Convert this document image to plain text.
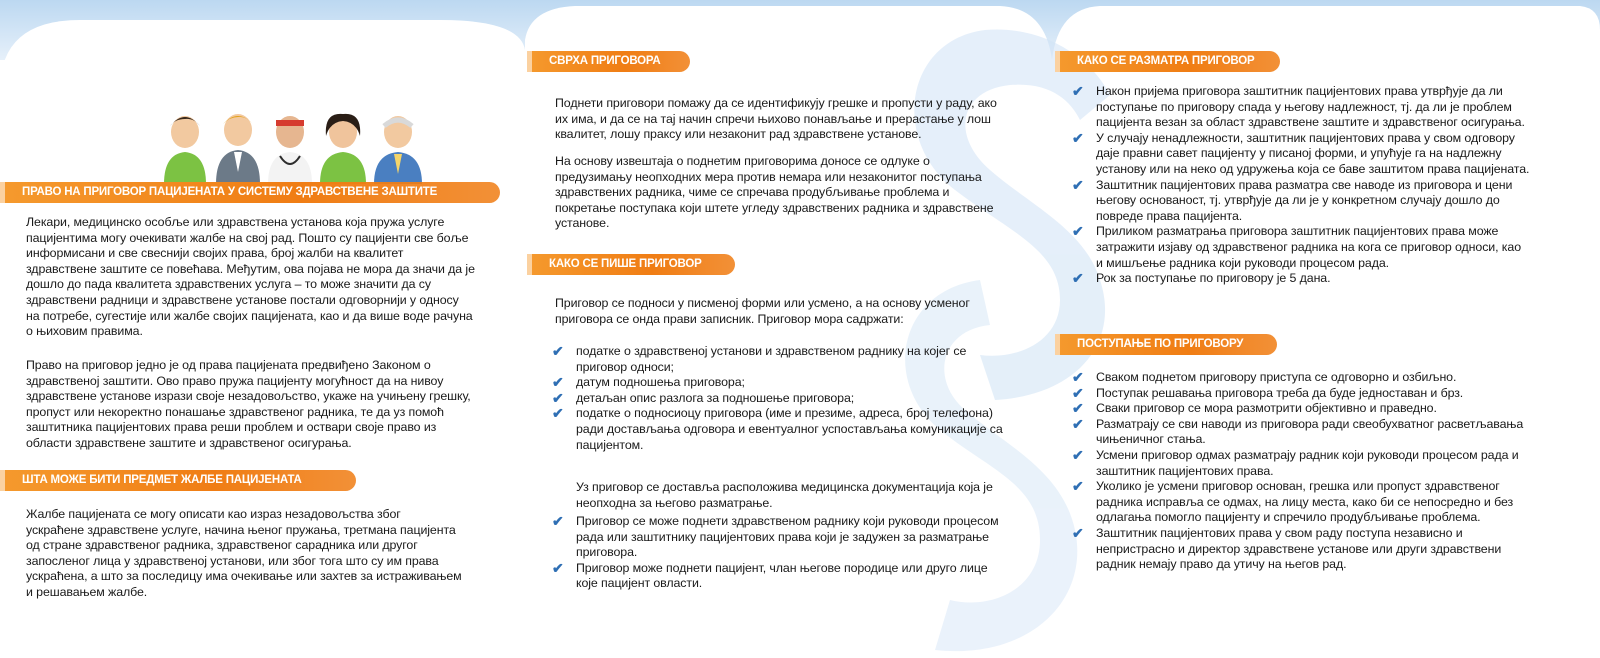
ПРАВО НА ПРИГОВОР ПАЦИЈЕНАТА У СИСТЕМУ ЗДРАВСТВЕНЕ ЗАШТИТЕ
Лекари, медицинско особље или здравствена установа која пружа услуге
пацијентима могу очекивати жалбе на свој рад. Пошто су пацијенти све боље
информисани и све свеснији својих права, број жалби на квалитет
здравствене заштите се повећава. Међутим, ова појава не мора да значи да је
дошло до пада квалитета здравствених услуга – то може значити да су
здравствени радници и здравствене установе постали одговорнији у односу
на потребе, сугестије или жалбе својих пацијената, као и да више воде рачуна
о њиховим правима.
Право на приговор једно је од права пацијената предвиђено Законом о
здравственој заштити. Ово право пружа пацијенту могућност да на нивоу
здравствене установе изрази своје незадовољство, укаже на учињену грешку,
пропуст или некоректно понашање здравственог радника, те да уз помоћ
заштитника пацијентових права реши проблем и оствари своје право из
области здравствене заштите и здравственог осигурања.
ШТА МОЖЕ БИТИ ПРЕДМЕТ ЖАЛБЕ ПАЦИЈЕНАТА
Жалбе пацијената се могу описати као израз незадовољства због
ускраћене здравствене услуге, начина њеног пружања, третмана пацијента
од стране здравственог радника, здравственог сарадника или другог
запосленог лица у здравственој установи, или због тога што су им права
ускраћена, а што за последицу има очекивање или захтев за истраживањем
и решавањем жалбе.
СВРХА ПРИГОВОРА
Поднети приговори помажу да се идентификују грешке и пропусти у раду, ако
их има, и да се на тај начин спречи њихово понављање и прерастање у лош
квалитет, лошу праксу или незаконит рад здравствене установе.
На основу извештаја о поднетим приговорима доносе се одлуке о
предузимању неопходних мера против немара или незаконитог поступања
здравствених радника, чиме се спречава продубљивање проблема и
покретање поступака који штете угледу здравствених радника и здравствене
установе.
КАКО СЕ ПИШЕ ПРИГОВОР
Приговор се подноси у писменој форми или усмено, а на основу усменог
приговора се онда прави записник. Приговор мора садржати:
✔ податке о здравственој установи и здравственом раднику на којег се
приговор односи;
✔ датум подношења приговора;
✔ детаљан опис разлога за подношење приговора;
✔ податке о подносиоцу приговора (име и презиме, адреса, број телефона)
ради достављања одговора и евентуалног успостављања комуникације са
пацијентом.
Уз приговор се доставља расположива медицинска документација која је
неопходна за његово разматрање.
✔ Приговор се може поднети здравственом раднику који руководи процесом
рада или заштитнику пацијентових права који је задужен за разматрање
приговора.
✔ Приговор може поднети пацијент, члан његове породице или друго лице
које пацијент овласти.
КАКО СЕ РАЗМАТРА ПРИГОВОР
✔ Након пријема приговора заштитник пацијентових права утврђује да ли
поступање по приговору спада у његову надлежност, тј. да ли је проблем
пацијента везан за област здравствене заштите и здравственог осигурања.
✔ У случају ненадлежности, заштитник пацијентових права у свом одговору
даје правни савет пацијенту у писаној форми, и упућује га на надлежну
установу или на неко од удружења која се баве заштитом права пацијената.
✔ Заштитник пацијентових права разматра све наводе из приговора и цени
његову основаност, тј. утврђује да ли је у конкретном случају дошло до
повреде права пацијента.
✔ Приликом разматрања приговора заштитник пацијентових права може
затражити изјаву од здравственог радника на кога се приговор односи, као
и мишљење радника који руководи процесом рада.
✔ Рок за поступање по приговору је 5 дана.
ПОСТУПАЊЕ ПО ПРИГОВОРУ
✔ Сваком поднетом приговору приступа се одговорно и озбиљно.
✔ Поступак решавања приговора треба да буде једноставан и брз.
✔ Сваки приговор се мора размотрити објективно и праведно.
✔ Разматрају се сви наводи из приговора ради свеобухватног расветљавања
чињеничног стања.
✔ Усмени приговор одмах разматрају радник који руководи процесом рада и
заштитник пацијентових права.
✔ Уколико је усмени приговор основан, грешка или пропуст здравственог
радника исправља се одмах, на лицу места, како би се непосредно и без
одлагања помогло пацијенту и спречило продубљивање проблема.
✔ Заштитник пацијентових права у свом раду поступа независно и
непристрасно и директор здравствене установе или други здравствени
радник немају право да утичу на његов рад.
